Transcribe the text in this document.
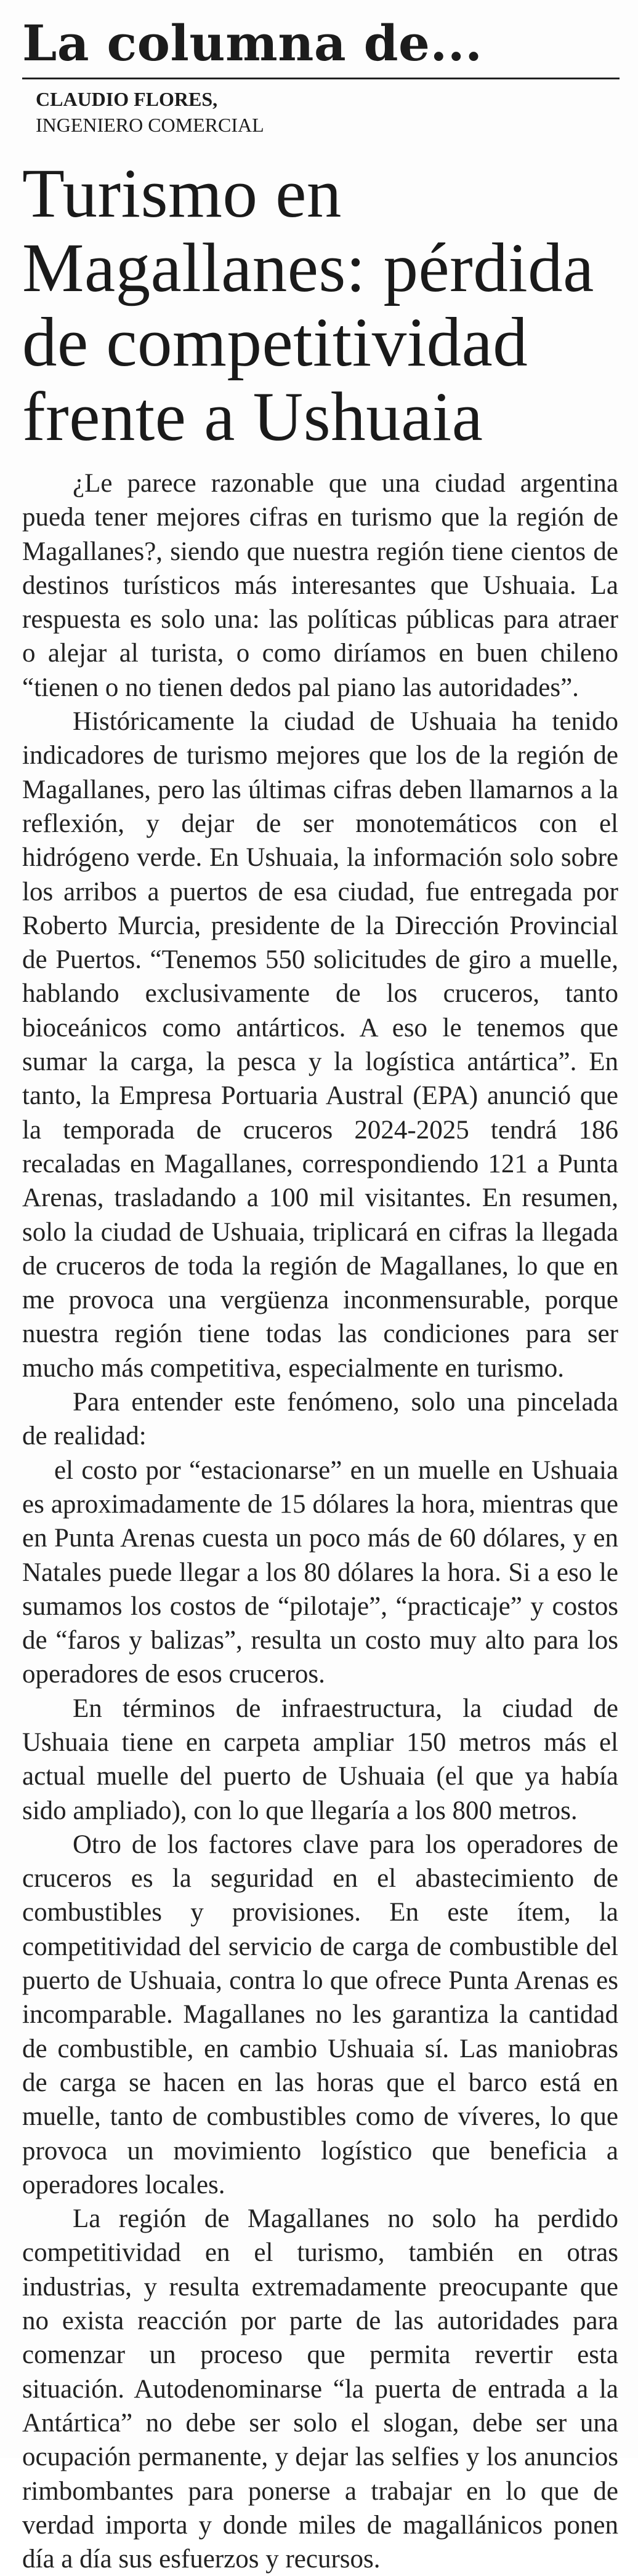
La columna de...
CLAUDIO FLORES,
INGENIERO COMERCIAL
Turismo en Magallanes: pérdida de competitividad frente a Ushuaia

¿Le parece razonable que una ciudad argentina pueda tener mejores cifras en turismo que la región de Magallanes?, siendo que nuestra región tiene cientos de destinos turísticos más interesantes que Ushuaia. La respuesta es solo una: las políticas públicas para atraer o alejar al turista, o como diríamos en buen chileno “tienen o no tienen dedos pal piano las autoridades”.

Históricamente la ciudad de Ushuaia ha tenido indicadores de turismo mejores que los de la región de Magallanes, pero las últimas cifras deben llamarnos a la reflexión, y dejar de ser monotemáticos con el hidrógeno verde. En Ushuaia, la información solo sobre los arribos a puertos de esa ciudad, fue entregada por Roberto Murcia, presidente de la Dirección Provincial de Puertos. “Tenemos 550 solicitudes de giro a muelle, hablando exclusivamente de los cruceros, tanto bioceánicos como antárticos. A eso le tenemos que sumar la carga, la pesca y la logística antártica”. En tanto, la Empresa Portuaria Austral (EPA) anunció que la temporada de cruceros 2024-2025 tendrá 186 recaladas en Magallanes, correspondiendo 121 a Punta Arenas, trasladando a 100 mil visitantes. En resumen, solo la ciudad de Ushuaia, triplicará en cifras la llegada de cruceros de toda la región de Magallanes, lo que en me provoca una vergüenza inconmensurable, porque nuestra región tiene todas las condiciones para ser mucho más competitiva, especialmente en turismo.

Para entender este fenómeno, solo una pincelada de realidad:

el costo por “estacionarse” en un muelle en Ushuaia es aproximadamente de 15 dólares la hora, mientras que en Punta Arenas cuesta un poco más de 60 dólares, y en Natales puede llegar a los 80 dólares la hora. Si a eso le sumamos los costos de “pilotaje”, “practicaje” y costos de “faros y balizas”, resulta un costo muy alto para los operadores de esos cruceros.

En términos de infraestructura, la ciudad de Ushuaia tiene en carpeta ampliar 150 metros más el actual muelle del puerto de Ushuaia (el que ya había sido ampliado), con lo que llegaría a los 800 metros.

Otro de los factores clave para los operadores de cruceros es la seguridad en el abastecimiento de combustibles y provisiones. En este ítem, la competitividad del servicio de carga de combustible del puerto de Ushuaia, contra lo que ofrece Punta Arenas es incomparable. Magallanes no les garantiza la cantidad de combustible, en cambio Ushuaia sí. Las maniobras de carga se hacen en las horas que el barco está en muelle, tanto de combustibles como de víveres, lo que provoca un movimiento logístico que beneficia a operadores locales.

La región de Magallanes no solo ha perdido competitividad en el turismo, también en otras industrias, y resulta extremadamente preocupante que no exista reacción por parte de las autoridades para comenzar un proceso que permita revertir esta situación. Autodenominarse “la puerta de entrada a la Antártica” no debe ser solo el slogan, debe ser una ocupación permanente, y dejar las selfies y los anuncios rimbombantes para ponerse a trabajar en lo que de verdad importa y donde miles de magallánicos ponen día a día sus esfuerzos y recursos.
